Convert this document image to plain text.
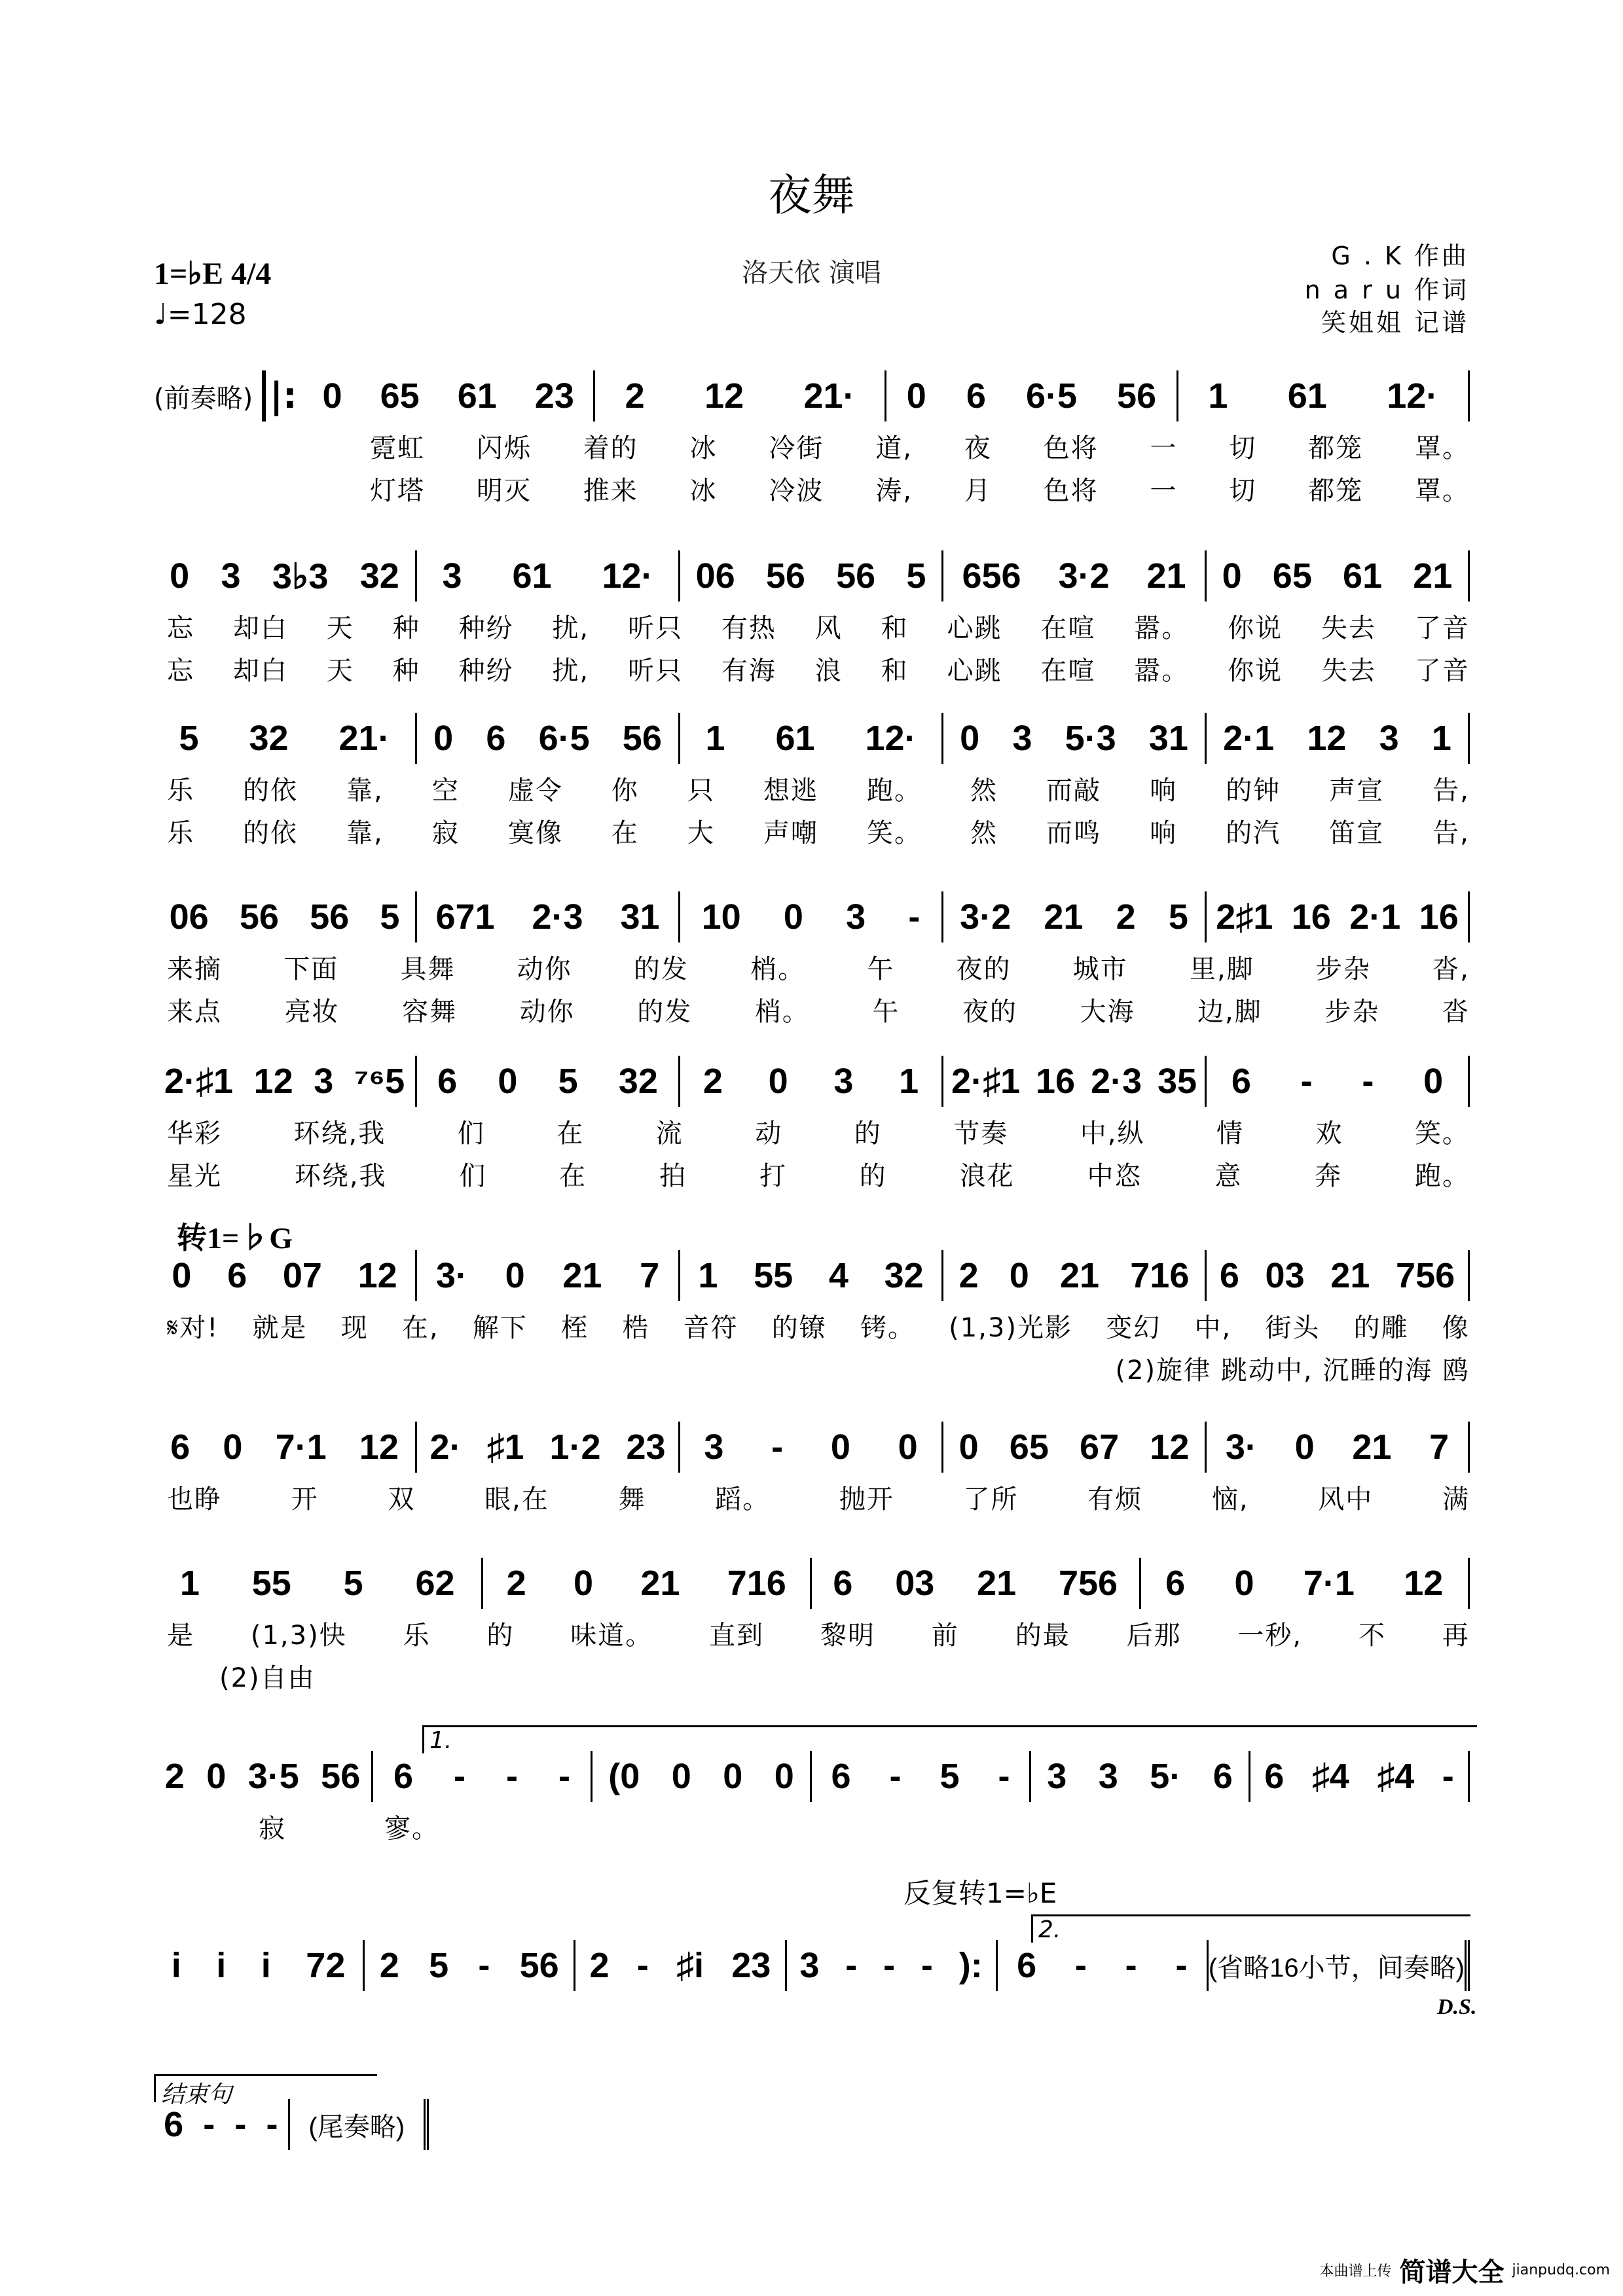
夜舞
1=♭E 4/4
♩=128
洛天依 演唱
G . K 作曲
n a r u 作词
笑姐姐 记谱
转1=♭G
反复转1=♭E
D.S.
(前奏略) |: 0 65 61 23 2 12 21· 0 6 6·5 56 1 61 12·
霓虹 闪烁 着的 冰 冷街 道, 夜 色将 一 切 都笼 罩。
灯塔 明灭 推来 冰 冷波 涛, 月 色将 一 切 都笼 罩。
0 3 3♭3 32 3 61 12· 06 56 56 5 656 3·2 21 0 65 61 21
忘 却白 天 种 种纷 扰, 听只 有热 风 和 心跳 在喧 嚣。 你说 失去 了音
忘 却白 天 种 种纷 扰, 听只 有海 浪 和 心跳 在喧 嚣。 你说 失去 了音
5 32 21· 0 6 6·5 56 1 61 12· 0 3 5·3 31 2·1 12 3 1
乐 的依 靠, 空 虚令 你 只 想逃 跑。 然 而敲 响 的钟 声宣 告,
乐 的依 靠, 寂 寞像 在 大 声嘲 笑。 然 而鸣 响 的汽 笛宣 告,
06 56 56 5 671 2·3 31 10 0 3 - 3·2 21 2 5 2♯1 16 2·1 16
来摘 下面 具舞 动你 的发 梢。 午 夜的 城市 里,脚 步杂 沓,
来点 亮妆 容舞 动你 的发 梢。 午 夜的 大海 边,脚 步杂 沓
2·♯1 12 3 ⁷⁶5 6 0 5 32 2 0 3 1 2·♯1 16 2·3 35 6 - - 0
华彩	环绕,我	们	在	流	动	的	节奏	中,纵	情	欢	笑。
星光	环绕,我	们	在	拍	打	的	浪花	中恣	意	奔	跑。
0 6 07 12 3· 0 21 7 1 55 4 32 2 0 21 716 6 03 21 756
𝄋对! 就是 现 在, 解下 桎 梏 音符 的镣 铐。 (1,3)光影 变幻 中, 街头 的雕 像
(2)旋律 跳动中, 沉睡的海 鸥
6 0 7·1 12 2· ♯1 1·2 23 3 - 0 0 0 65 67 12 3· 0 21 7
也睁	开	双	眼,在	舞	蹈。	抛开	了所	有烦	恼,	风中	满
1 55 5 62 2 0 21 716 6 03 21 756 6 0 7·1 12
是 (1,3)快 乐 的 味道。 直到 黎明 前 的最 后那 一秒, 不 再
(2)自由
2 0 3·5 56 6 - - - (0 0 0 0 6 - 5 - 3 3 5· 6 6 ♯4 ♯4 -
1.
寂	寥。
i i i 72 2 5 - 56 2 - ♯i 23 3 - - - ): 6 - - - (省略16小节，间奏略)
2.
结束句
6 - - - (尾奏略)
本曲谱上传 简谱大全 jianpudq.com
